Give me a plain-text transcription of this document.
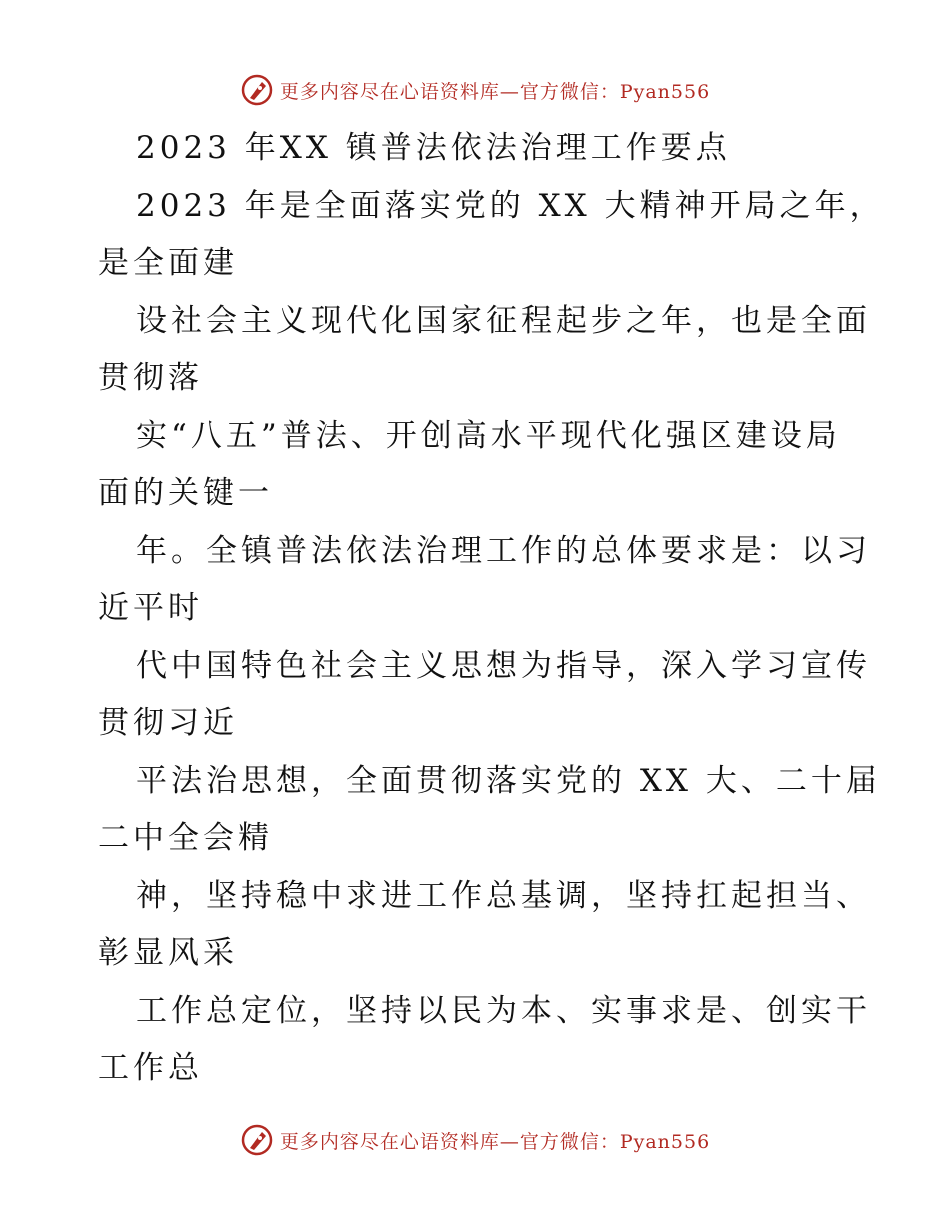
更多内容尽在心语资料库—官方微信：Pyan556
2023 年XX 镇普法依法治理工作要点
2023 年是全面落实党的 XX 大精神开局之年，
是全面建
设社会主义现代化国家征程起步之年，也是全面
贯彻落
实“八五”普法、开创高水平现代化强区建设局
面的关键一
年。全镇普法依法治理工作的总体要求是：以习
近平时
代中国特色社会主义思想为指导，深入学习宣传
贯彻习近
平法治思想，全面贯彻落实党的 XX 大、二十届
二中全会精
神，坚持稳中求进工作总基调，坚持扛起担当、
彰显风采
工作总定位，坚持以民为本、实事求是、创实干
工作总
更多内容尽在心语资料库—官方微信：Pyan556
